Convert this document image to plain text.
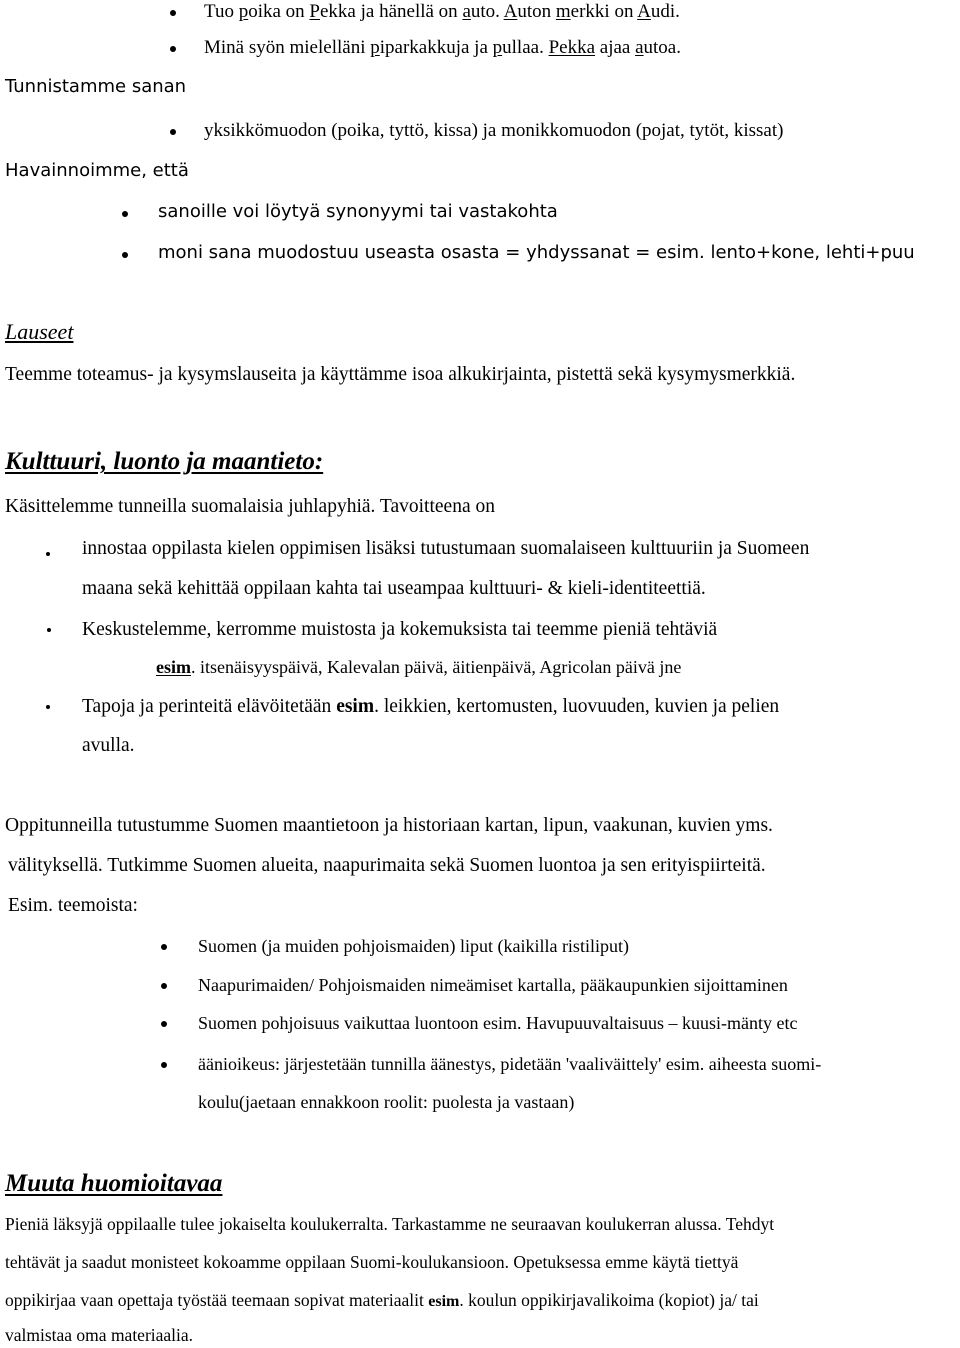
Tuo poika on Pekka ja hänellä on auto. Auton merkki on Audi.
Minä syön mielelläni piparkakkuja ja pullaa. Pekka ajaa autoa.
Tunnistamme sanan
yksikkömuodon (poika, tyttö, kissa) ja monikkomuodon (pojat, tytöt, kissat)
Havainnoimme, että
sanoille voi löytyä synonyymi tai vastakohta
moni sana muodostuu useasta osasta = yhdyssanat = esim. lento+kone, lehti+puu
Lauseet
Teemme toteamus- ja kysymslauseita ja käyttämme isoa alkukirjainta, pistettä sekä kysymysmerkkiä.
Kulttuuri, luonto ja maantieto:
Käsittelemme tunneilla suomalaisia juhlapyhiä. Tavoitteena on
innostaa oppilasta kielen oppimisen lisäksi tutustumaan suomalaiseen kulttuuriin ja Suomeen
maana sekä kehittää oppilaan kahta tai useampaa kulttuuri- & kieli-identiteettiä.
Keskustelemme, kerromme muistosta ja kokemuksista tai teemme pieniä tehtäviä
esim. itsenäisyyspäivä, Kalevalan päivä, äitienpäivä, Agricolan päivä jne
Tapoja ja perinteitä elävöitetään esim. leikkien, kertomusten, luovuuden, kuvien ja pelien
avulla.
Oppitunneilla tutustumme Suomen maantietoon ja historiaan kartan, lipun, vaakunan, kuvien yms.
välityksellä. Tutkimme Suomen alueita, naapurimaita sekä Suomen luontoa ja sen erityispiirteitä.
Esim. teemoista:
Suomen (ja muiden pohjoismaiden) liput (kaikilla ristiliput)
Naapurimaiden/ Pohjoismaiden nimeämiset kartalla, pääkaupunkien sijoittaminen
Suomen pohjoisuus vaikuttaa luontoon esim. Havupuuvaltaisuus – kuusi-mänty etc
äänioikeus: järjestetään tunnilla äänestys, pidetään 'vaaliväittely' esim. aiheesta suomi-
koulu(jaetaan ennakkoon roolit: puolesta ja vastaan)
Muuta huomioitavaa
Pieniä läksyjä oppilaalle tulee jokaiselta koulukerralta. Tarkastamme ne seuraavan koulukerran alussa. Tehdyt
tehtävät ja saadut monisteet kokoamme oppilaan Suomi-koulukansioon. Opetuksessa emme käytä tiettyä
oppikirjaa vaan opettaja työstää teemaan sopivat materiaalit esim. koulun oppikirjavalikoima (kopiot) ja/ tai
valmistaa oma materiaalia.
